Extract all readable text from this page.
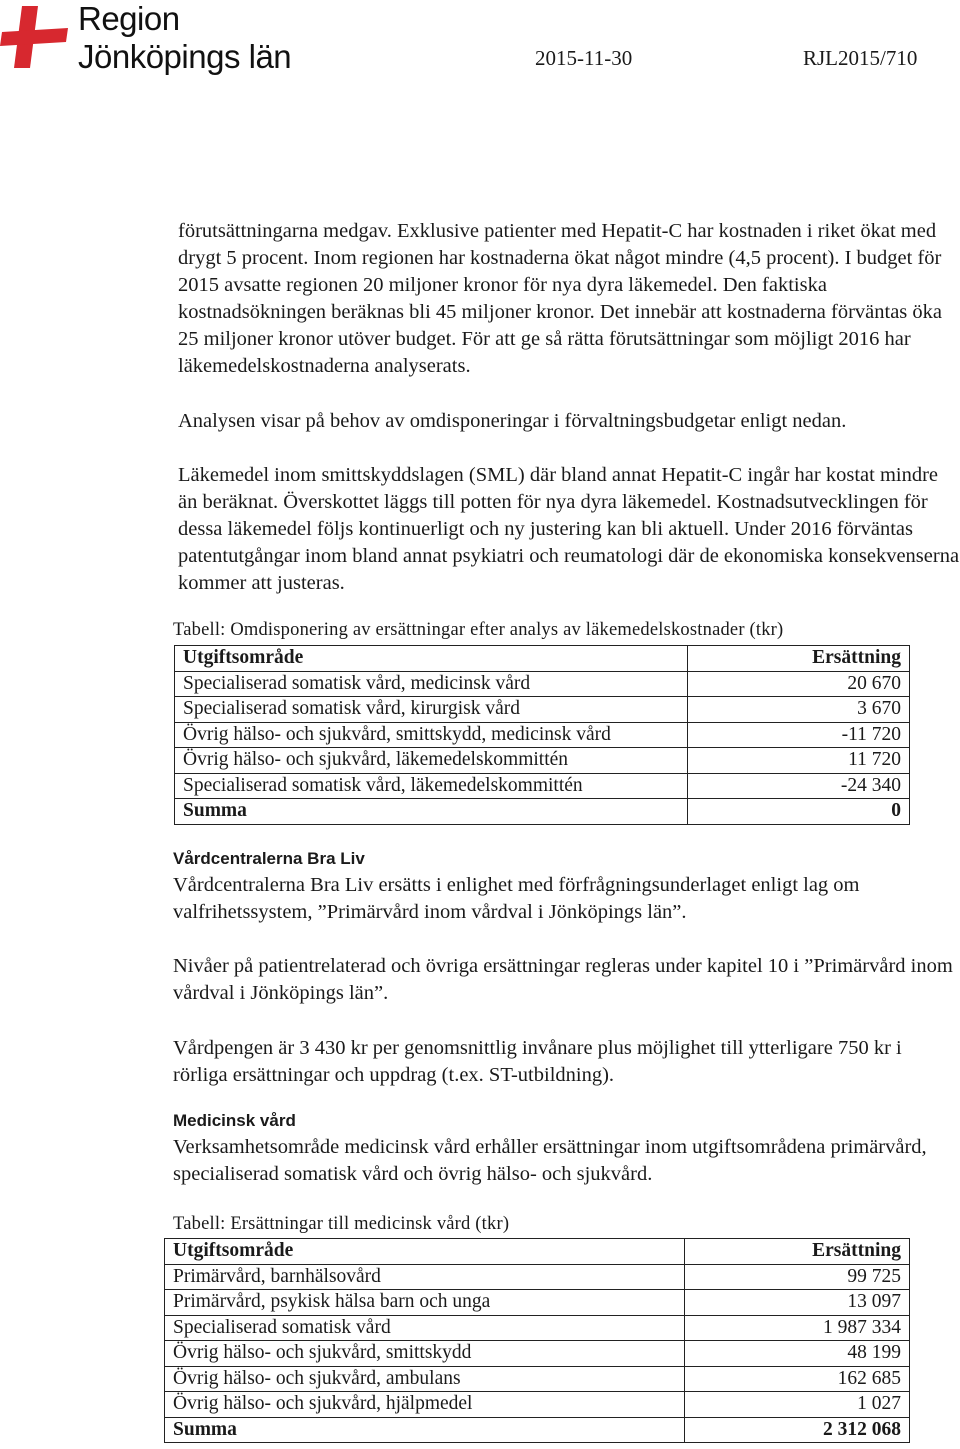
Region
Jönköpings län	2015-11-30	RJL2015/710

förutsättningarna medgav. Exklusive patienter med Hepatit-C har kostnaden i riket ökat med drygt 5 procent. Inom regionen har kostnaderna ökat något mindre (4,5 procent). I budget för 2015 avsatte regionen 20 miljoner kronor för nya dyra läkemedel. Den faktiska kostnadsökningen beräknas bli 45 miljoner kronor. Det innebär att kostnaderna förväntas öka 25 miljoner kronor utöver budget. För att ge så rätta förutsättningar som möjligt 2016 har läkemedelskostnaderna analyserats.

Analysen visar på behov av omdisponeringar i förvaltningsbudgetar enligt nedan.

Läkemedel inom smittskyddslagen (SML) där bland annat Hepatit-C ingår har kostat mindre än beräknat. Överskottet läggs till potten för nya dyra läkemedel. Kostnadsutvecklingen för dessa läkemedel följs kontinuerligt och ny justering kan bli aktuell. Under 2016 förväntas patentutgångar inom bland annat psykiatri och reumatologi där de ekonomiska konsekvenserna kommer att justeras.

Tabell: Omdisponering av ersättningar efter analys av läkemedelskostnader (tkr)

Utgiftsområde	Ersättning
Specialiserad somatisk vård, medicinsk vård	20 670
Specialiserad somatisk vård, kirurgisk vård	3 670
Övrig hälso- och sjukvård, smittskydd, medicinsk vård	-11 720
Övrig hälso- och sjukvård, läkemedelskommittén	11 720
Specialiserad somatisk vård, läkemedelskommittén	-24 340
Summa	0

Vårdcentralerna Bra Liv

Vårdcentralerna Bra Liv ersätts i enlighet med förfrågningsunderlaget enligt lag om valfrihetssystem, ”Primärvård inom vårdval i Jönköpings län”.

Nivåer på patientrelaterad och övriga ersättningar regleras under kapitel 10 i ”Primärvård inom vårdval i Jönköpings län”.

Vårdpengen är 3 430 kr per genomsnittlig invånare plus möjlighet till ytterligare 750 kr i rörliga ersättningar och uppdrag (t.ex. ST-utbildning).

Medicinsk vård

Verksamhetsområde medicinsk vård erhåller ersättningar inom utgiftsområdena primärvård, specialiserad somatisk vård och övrig hälso- och sjukvård.

Tabell: Ersättningar till medicinsk vård (tkr)

Utgiftsområde	Ersättning
Primärvård, barnhälsovård	99 725
Primärvård, psykisk hälsa barn och unga	13 097
Specialiserad somatisk vård	1 987 334
Övrig hälso- och sjukvård, smittskydd	48 199
Övrig hälso- och sjukvård, ambulans	162 685
Övrig hälso- och sjukvård, hjälpmedel	1 027
Summa	2 312 068
